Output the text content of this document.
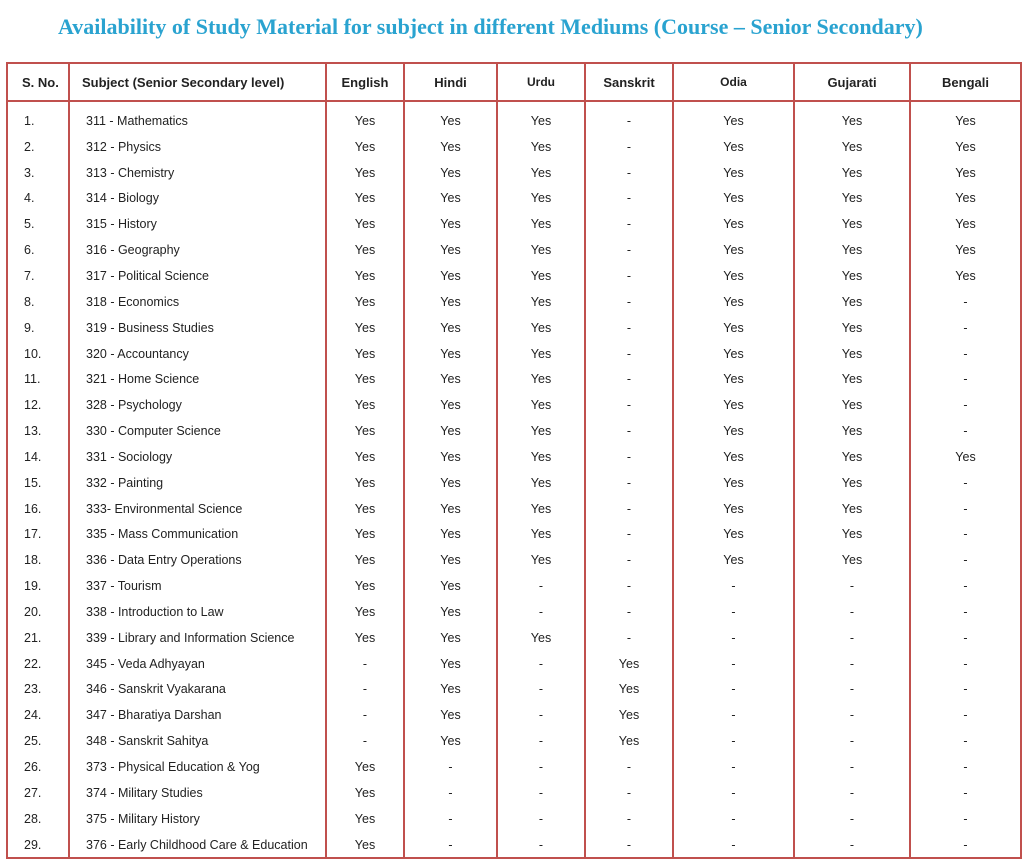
Availability of Study Material for subject in different Mediums (Course – Senior Secondary)
S. No.	Subject (Senior Secondary level)	English	Hindi	Urdu	Sanskrit	Odia	Gujarati	Bengali

1.	311 - Mathematics	Yes	Yes	Yes	-	Yes	Yes	Yes
2.	312 - Physics	Yes	Yes	Yes	-	Yes	Yes	Yes
3.	313 - Chemistry	Yes	Yes	Yes	-	Yes	Yes	Yes
4.	314 - Biology	Yes	Yes	Yes	-	Yes	Yes	Yes
5.	315 - History	Yes	Yes	Yes	-	Yes	Yes	Yes
6.	316 - Geography	Yes	Yes	Yes	-	Yes	Yes	Yes
7.	317 - Political Science	Yes	Yes	Yes	-	Yes	Yes	Yes
8.	318 - Economics	Yes	Yes	Yes	-	Yes	Yes	-
9.	319 - Business Studies	Yes	Yes	Yes	-	Yes	Yes	-
10.	320 - Accountancy	Yes	Yes	Yes	-	Yes	Yes	-
11.	321 - Home Science	Yes	Yes	Yes	-	Yes	Yes	-
12.	328 - Psychology	Yes	Yes	Yes	-	Yes	Yes	-
13.	330 - Computer Science	Yes	Yes	Yes	-	Yes	Yes	-
14.	331 - Sociology	Yes	Yes	Yes	-	Yes	Yes	Yes
15.	332 - Painting	Yes	Yes	Yes	-	Yes	Yes	-
16.	333- Environmental Science	Yes	Yes	Yes	-	Yes	Yes	-
17.	335 - Mass Communication	Yes	Yes	Yes	-	Yes	Yes	-
18.	336 - Data Entry Operations	Yes	Yes	Yes	-	Yes	Yes	-
19.	337 - Tourism	Yes	Yes	-	-	-	-	-
20.	338 - Introduction to Law	Yes	Yes	-	-	-	-	-
21.	339 - Library and Information Science	Yes	Yes	Yes	-	-	-	-
22.	345 - Veda Adhyayan	-	Yes	-	Yes	-	-	-
23.	346 - Sanskrit Vyakarana	-	Yes	-	Yes	-	-	-
24.	347 - Bharatiya Darshan	-	Yes	-	Yes	-	-	-
25.	348 - Sanskrit Sahitya	-	Yes	-	Yes	-	-	-
26.	373 - Physical Education & Yog	Yes	-	-	-	-	-	-
27.	374 - Military Studies	Yes	-	-	-	-	-	-
28.	375 - Military History	Yes	-	-	-	-	-	-
29.	376 - Early Childhood Care & Education	Yes	-	-	-	-	-	-
